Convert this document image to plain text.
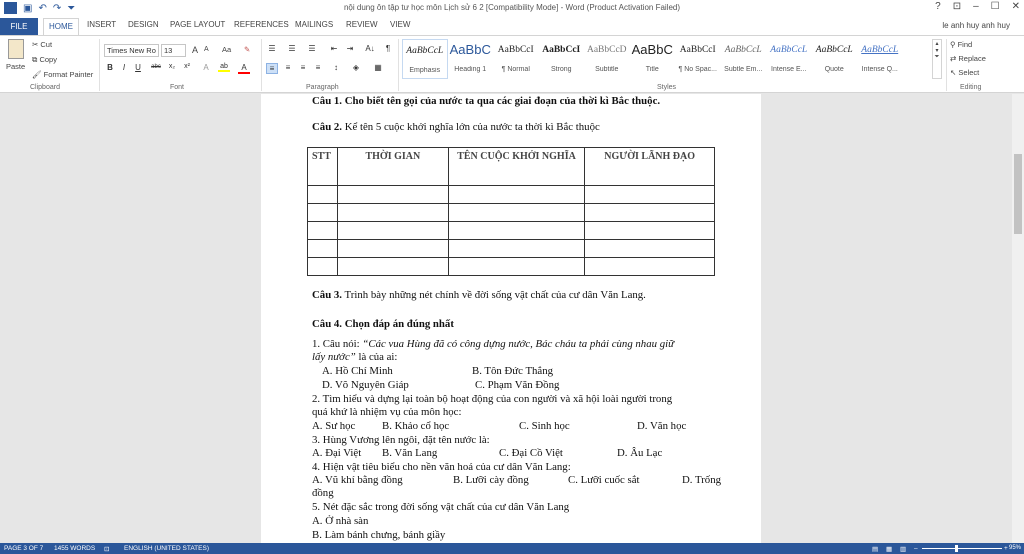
W ▣ ↶ ↷ ⏷	nội dung ôn tập tư học môn Lịch sử 6 2 [Compatibility Mode] - Word (Product Activation Failed)	? ⊡ – ☐ ✕
FILE	HOME	INSERT DESIGN PAGE LAYOUT REFERENCES MAILINGS REVIEW VIEW	le anh huy anh huy
Paste
✂ Cut
⧉ Copy
🖌 Format Painter
Clipboard
Times New Ro	13	A A Aa ✎
B	I	U	abc	x₂	x²	A	ab	A
Font
☰	☰	☰	⇤	⇥	A↓	¶
≡	≡	≡	≡	↕	◈	▦
Paragraph
AaBbCcL
Emphasis
AaBbC
Heading 1
AaBbCcI
¶ Normal
AaBbCcI
Strong
AaBbCcD
Subtitle
AaBbC
Title
AaBbCcI
¶ No Spac...
AaBbCcL
Subtle Em...
AaBbCcL
Intense E...
AaBbCcL
Quote
AaBbCcL
Intense Q...
▴
▾
⏷
Styles
⚲ Find
⇄ Replace
↖ Select
Editing
Câu 1. Cho biết tên gọi của nước ta qua các giai đoạn của thời kì Bắc thuộc.
Câu 2. Kể tên 5 cuộc khởi nghĩa lớn của nước ta thời kì Bắc thuộc
STT	THỜI GIAN	TÊN CUỘC KHỞI NGHĨA	NGƯỜI LÃNH ĐẠO

Câu 3. Trình bày những nét chính về đời sống vật chất của cư dân Văn Lang.
Câu 4. Chọn đáp án đúng nhất
1. Câu nói: “Các vua Hùng đã có công dựng nước, Bác cháu ta phải cùng nhau giữ
lấy nước” là của ai:
A. Hồ Chí Minh	B. Tôn Đức Thắng
D. Võ Nguyên Giáp	C. Phạm Văn Đồng
2. Tìm hiểu và dựng lại toàn bộ hoạt động của con người và xã hội loài người trong
quá khứ là nhiệm vụ của môn học:
A. Sư học B. Khảo cổ học	C. Sinh học	D. Văn học
3. Hùng Vương lên ngôi, đặt tên nước là:
A. Đại Việt B. Văn Lang	C. Đại Cồ Việt	D. Âu Lạc
4. Hiện vật tiêu biểu cho nền văn hoá của cư dân Văn Lang:
A. Vũ khí bằng đồng	B. Lưỡi cày đồng	C. Lưỡi cuốc sắt	D. Trống
đồng
5. Nét đặc sắc trong đời sống vật chất của cư dân Văn Lang
A. Ở nhà sàn
B. Làm bánh chưng, bánh giầy
PAGE 3 OF 7 1455 WORDS ⊡ ENGLISH (UNITED STATES)	▤ ▦ ▥ –	+ 95%
